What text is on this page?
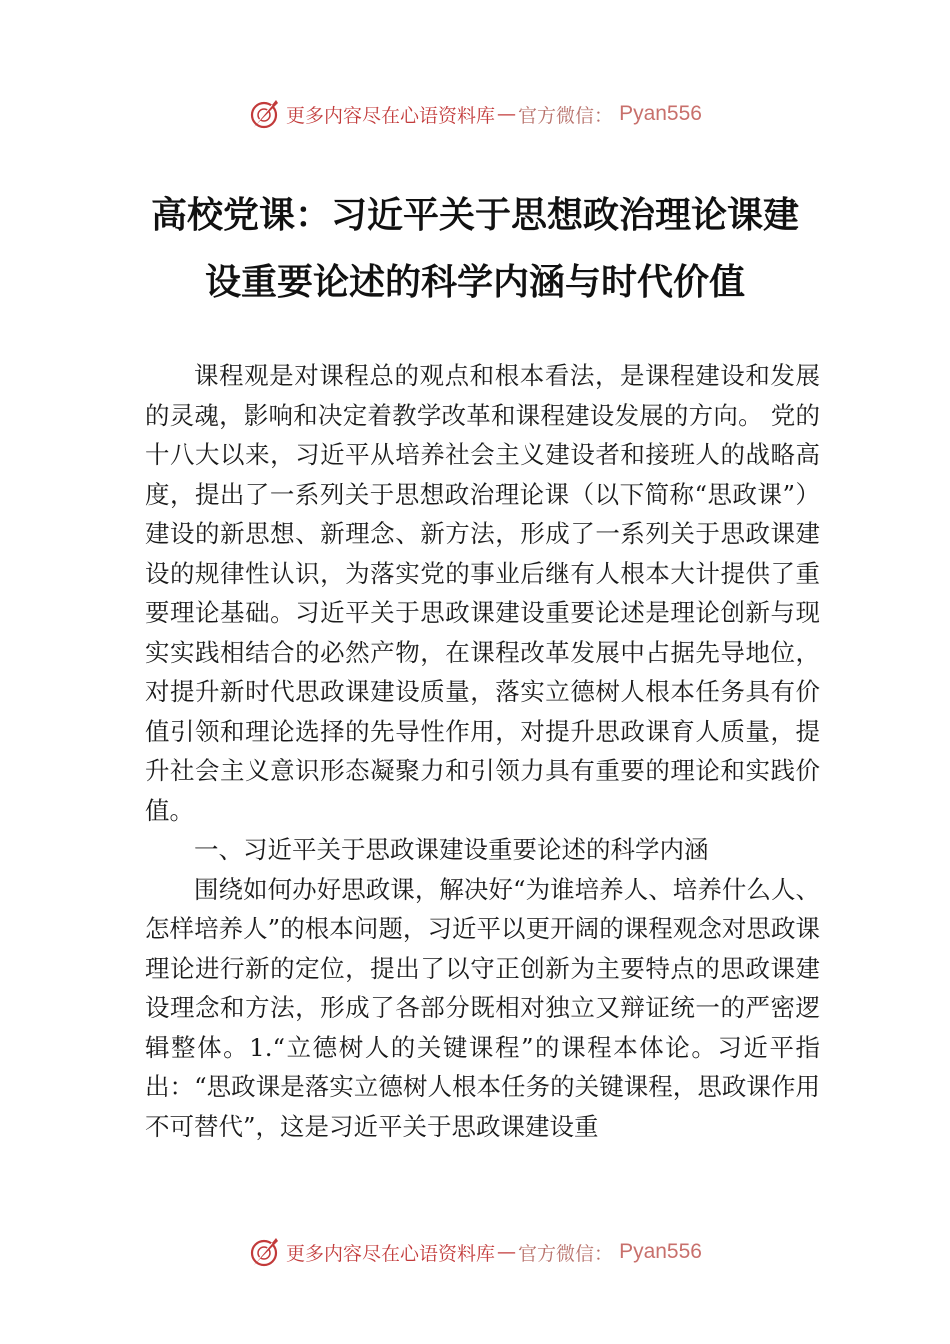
更多内容尽在心语资料库 — 官方微信： Pyan556
高校党课：习近平关于思想政治理论课建
设重要论述的科学内涵与时代价值

课程观是对课程总的观点和根本看法，是课程建设和发展的灵魂，影响和决定着教学改革和课程建设发展的方向。 党的十八大以来，习近平从培养社会主义建设者和接班人的战略高度，提出了一系列关于思想政治理论课（以下简称“思政课”）建设的新思想、新理念、新方法，形成了一系列关于思政课建设的规律性认识，为落实党的事业后继有人根本大计提供了重要理论基础。习近平关于思政课建设重要论述是理论创新与现实实践相结合的必然产物，在课程改革发展中占据先导地位，对提升新时代思政课建设质量，落实立德树人根本任务具有价值引领和理论选择的先导性作用，对提升思政课育人质量，提升社会主义意识形态凝聚力和引领力具有重要的理论和实践价值。

一、习近平关于思政课建设重要论述的科学内涵

围绕如何办好思政课，解决好“为谁培养人、培养什么人、怎样培养人”的根本问题，习近平以更开阔的课程观念对思政课理论进行新的定位，提出了以守正创新为主要特点的思政课建设理念和方法，形成了各部分既相对独立又辩证统一的严密逻辑整体。1.“立德树人的关键课程”的课程本体论。习近平指出：“思政课是落实立德树人根本任务的关键课程，思政课作用不可替代”，这是习近平关于思政课建设重

更多内容尽在心语资料库 — 官方微信： Pyan556
